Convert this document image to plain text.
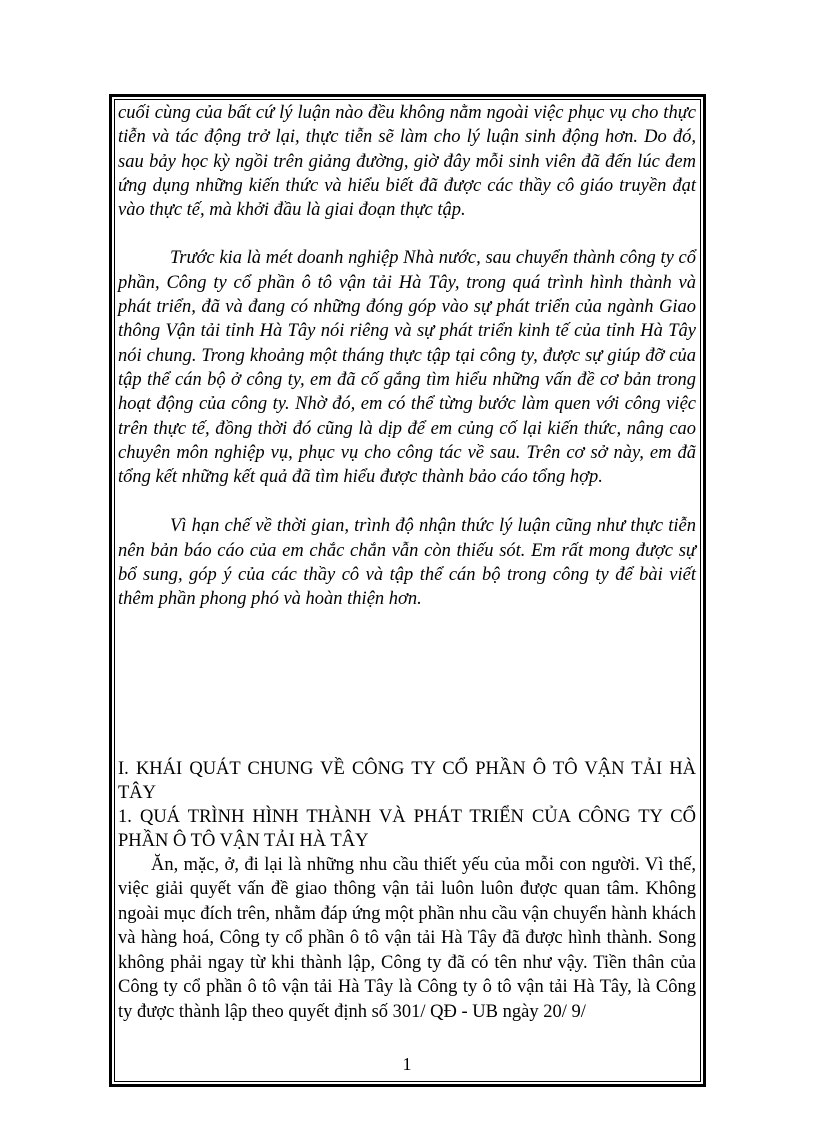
cuối cùng của bất cứ lý luận nào đều không nằm ngoài việc phục vụ cho thực tiễn và tác động trở lại, thực tiễn sẽ làm cho lý luận sinh động hơn. Do đó, sau bảy học kỳ ngồi trên giảng đường, giờ đây mỗi sinh viên đã đến lúc đem ứng dụng những kiến thức và hiểu biết đã được các thầy cô giáo truyền đạt vào thực tế, mà khởi đầu là giai đoạn thực tập.

Trước kia là mét doanh nghiệp Nhà nước, sau chuyển thành công ty cổ phần, Công ty cổ phần ô tô vận tải Hà Tây, trong quá trình hình thành và phát triển, đã và đang có những đóng góp vào sự phát triển của ngành Giao thông Vận tải tỉnh Hà Tây nói riêng và sự phát triển kinh tế của tỉnh Hà Tây nói chung. Trong khoảng một tháng thực tập tại công ty, được sự giúp đỡ của tập thể cán bộ ở công ty, em đã cố gắng tìm hiểu những vấn đề cơ bản trong hoạt động của công ty. Nhờ đó, em có thể từng bước làm quen với công việc trên thực tế, đồng thời đó cũng là dịp để em củng cố lại kiến thức, nâng cao chuyên môn nghiệp vụ, phục vụ cho công tác về sau. Trên cơ sở này, em đã tổng kết những kết quả đã tìm hiểu được thành bảo cáo tổng hợp.

Vì hạn chế về thời gian, trình độ nhận thức lý luận cũng như thực tiễn nên bản báo cáo của em chắc chắn vẫn còn thiếu sót. Em rất mong được sự bổ sung, góp ý của các thầy cô và tập thể cán bộ trong công ty để bài viết thêm phần phong phó và hoàn thiện hơn.

I. KHÁI QUÁT CHUNG VỀ CÔNG TY CỔ PHẦN Ô TÔ VẬN TẢI HÀ TÂY

1. QUÁ TRÌNH HÌNH THÀNH VÀ PHÁT TRIỂN CỦA CÔNG TY CỔ PHẦN Ô TÔ VẬN TẢI HÀ TÂY

Ăn, mặc, ở, đi lại là những nhu cầu thiết yếu của mỗi con người. Vì thế, việc giải quyết vấn đề giao thông vận tải luôn luôn được quan tâm. Không ngoài mục đích trên, nhằm đáp ứng một phần nhu cầu vận chuyển hành khách và hàng hoá, Công ty cổ phần ô tô vận tải Hà Tây đã được hình thành. Song không phải ngay từ khi thành lập, Công ty đã có tên như vậy. Tiền thân của Công ty cổ phần ô tô vận tải Hà Tây là Công ty ô tô vận tải Hà Tây, là Công ty được thành lập theo quyết định số 301/ QĐ - UB ngày 20/ 9/

1
